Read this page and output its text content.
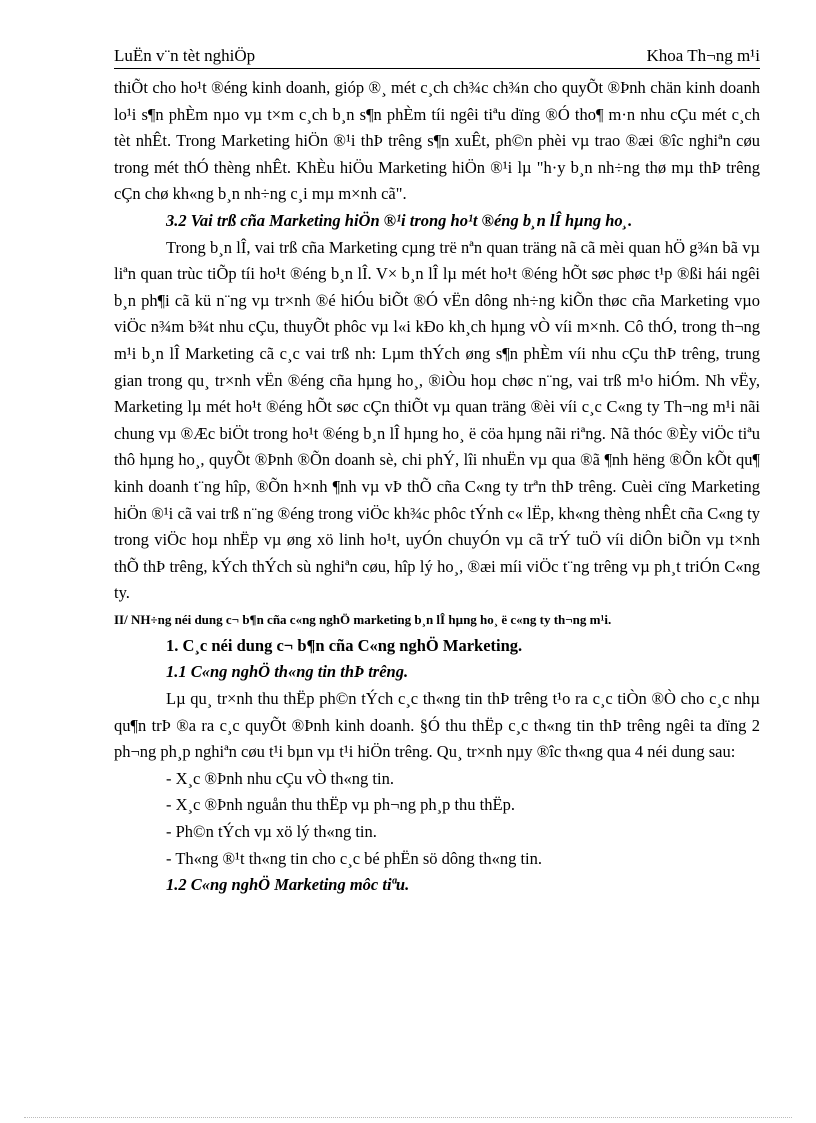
LuËn v¨n tèt nghiÖp	Khoa Th¬ng m¹i

thiÕt cho ho¹t ®éng kinh doanh, gióp ®¸ mét c¸ch ch¾c ch¾n cho quyÕt ®Þnh chän kinh doanh lo¹i s¶n phÈm nµo vµ t×m c¸ch b¸n s¶n phÈm tíi ngêi tiªu dïng ®Ó tho¶ m·n nhu cÇu mét c¸ch tèt nhÊt. Trong Marketing hiÖn ®¹i thÞ trêng s¶n xuÊt, ph©n phèi vµ trao ®æi ®îc nghiªn cøu trong mét thÓ thèng nhÊt. KhÈu hiÖu Marketing hiÖn ®¹i lµ "h·y b¸n nh÷ng thø mµ thÞ trêng cÇn chø kh«ng b¸n nh÷ng c¸i mµ m×nh cã".

3.2 Vai trß cña Marketing hiÖn ®¹i trong ho¹t ®éng b¸n lÎ hµng ho¸.

Trong b¸n lÎ, vai trß cña Marketing cµng trë nªn quan träng nã cã mèi quan hÖ g¾n bã vµ liªn quan trùc tiÕp tíi ho¹t ®éng b¸n lÎ. V× b¸n lÎ lµ mét ho¹t ®éng hÕt søc phøc t¹p ®ßi hái ngêi b¸n ph¶i cã kü n¨ng vµ tr×nh ®é hiÓu biÕt ®Ó vËn dông nh÷ng kiÕn thøc cña Marketing vµo viÖc n¾m b¾t nhu cÇu, thuyÕt phôc vµ l«i kÐo kh¸ch hµng vÒ víi m×nh. Cô thÓ, trong th¬ng m¹i b¸n lÎ Marketing cã c¸c vai trß nh: Lµm thÝch øng s¶n phÈm víi nhu cÇu thÞ trêng, trung gian trong qu¸ tr×nh vËn ®éng cña hµng ho¸, ®iÒu hoµ chøc n¨ng, vai trß m¹o hiÓm. Nh vËy, Marketing lµ mét ho¹t ®éng hÕt søc cÇn thiÕt vµ quan träng ®èi víi c¸c C«ng ty Th¬ng m¹i nãi chung vµ ®Æc biÖt trong ho¹t ®éng b¸n lÎ hµng ho¸ ë cöa hµng nãi riªng. Nã thóc ®Èy viÖc tiªu thô hµng ho¸, quyÕt ®Þnh ®Õn doanh sè, chi phÝ, lîi nhuËn vµ qua ®ã ¶nh hëng ®Õn kÕt qu¶ kinh doanh t¨ng hîp, ®Õn h×nh ¶nh vµ vÞ thÕ cña C«ng ty trªn thÞ trêng. Cuèi cïng Marketing hiÖn ®¹i cã vai trß n¨ng ®éng trong viÖc kh¾c phôc tÝnh c« lËp, kh«ng thèng nhÊt cña C«ng ty trong viÖc hoµ nhËp vµ øng xö linh ho¹t, uyÓn chuyÓn vµ cã trÝ tuÖ víi diÔn biÕn vµ t×nh thÕ thÞ trêng, kÝch thÝch sù nghiªn cøu, hîp lý ho¸, ®æi míi viÖc t¨ng trêng vµ ph¸t triÓn C«ng ty.

II/ NH÷ng néi dung c¬ b¶n cña c«ng nghÖ marketing b¸n lÎ hµng ho¸ ë c«ng ty th¬ng m¹i.

1. C¸c néi dung c¬ b¶n cña C«ng nghÖ Marketing.

1.1 C«ng nghÖ th«ng tin thÞ trêng.

Lµ qu¸ tr×nh thu thËp ph©n tÝch c¸c th«ng tin thÞ trêng t¹o ra c¸c tiÒn ®Ò cho c¸c nhµ qu¶n trÞ ®a ra c¸c quyÕt ®Þnh kinh doanh. §Ó thu thËp c¸c th«ng tin thÞ trêng ngêi ta dïng 2 ph¬ng ph¸p nghiªn cøu t¹i bµn vµ t¹i hiÖn trêng. Qu¸ tr×nh nµy ®îc th«ng qua 4 néi dung sau:

- X¸c ®Þnh nhu cÇu vÒ th«ng tin.
- X¸c ®Þnh nguån thu thËp vµ ph¬ng ph¸p thu thËp.
- Ph©n tÝch vµ xö lý th«ng tin.
- Th«ng ®¹t th«ng tin cho c¸c bé phËn sö dông th«ng tin.

1.2 C«ng nghÖ Marketing môc tiªu.
